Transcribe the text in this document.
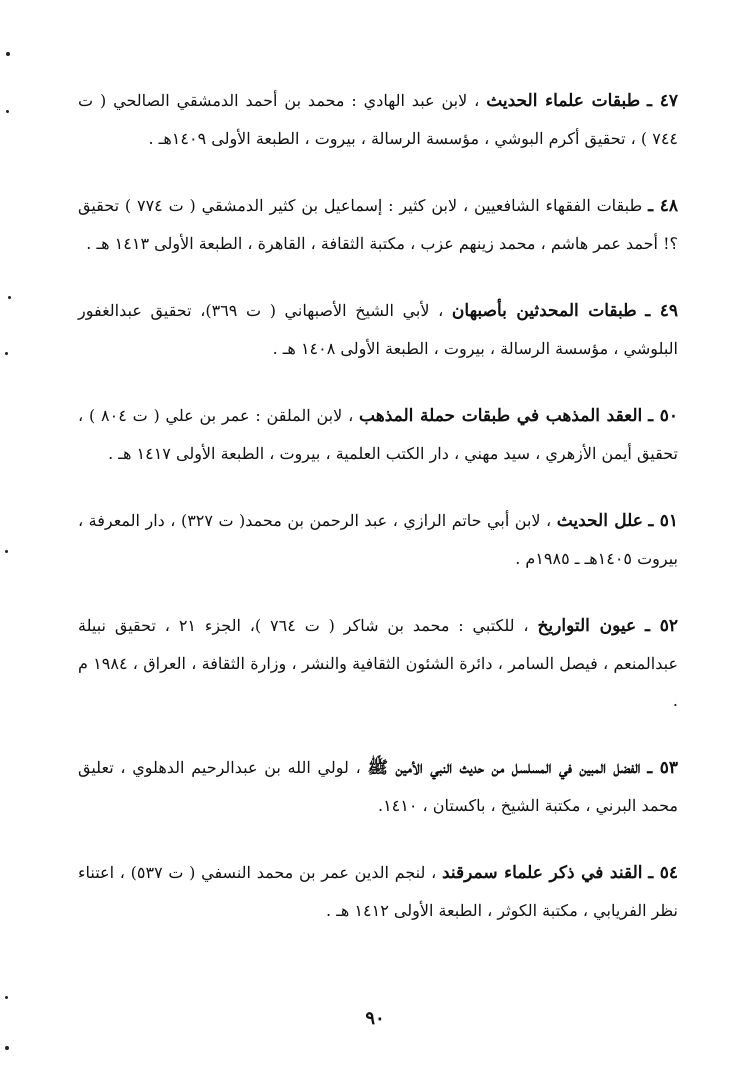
٤٧ ـ طبقات علماء الحديث ، لابن عبد الهادي : محمد بن أحمد الدمشقي الصالحي ( ت ٧٤٤ ) ، تحقيق أكرم البوشي ، مؤسسة الرسالة ، بيروت ، الطبعة الأولى ١٤٠٩هـ .

٤٨ ـ طبقات الفقهاء الشافعيين ، لابن كثير : إسماعيل بن كثير الدمشقي ( ت ٧٧٤ ) تحقيق ؟! أحمد عمر هاشم ، محمد زينهم عزب ، مكتبة الثقافة ، القاهرة ، الطبعة الأولى ١٤١٣ هـ .

٤٩ ـ طبقات المحدثين بأصبهان ، لأبي الشيخ الأصبهاني ( ت ٣٦٩)، تحقيق عبدالغفور البلوشي ، مؤسسة الرسالة ، بيروت ، الطبعة الأولى ١٤٠٨ هـ .

٥٠ ـ العقد المذهب في طبقات حملة المذهب ، لابن الملقن : عمر بن علي ( ت ٨٠٤ ) ، تحقيق أيمن الأزهري ، سيد مهني ، دار الكتب العلمية ، بيروت ، الطبعة الأولى ١٤١٧ هـ .

٥١ ـ علل الحديث ، لابن أبي حاتم الرازي ، عبد الرحمن بن محمد( ت ٣٢٧) ، دار المعرفة ، بيروت ١٤٠٥هـ ـ ١٩٨٥م .

٥٢ ـ عيون التواريخ ، للكتبي : محمد بن شاكر ( ت ٧٦٤ )، الجزء ٢١ ، تحقيق نبيلة عبدالمنعم ، فيصل السامر ، دائرة الشئون الثقافية والنشر ، وزارة الثقافة ، العراق ، ١٩٨٤ م .

٥٣ ـ الفضل المبين في المسلسل من حديث النبي الأمين ﷺ ، لولي الله بن عبدالرحيم الدهلوي ، تعليق محمد البرني ، مكتبة الشيخ ، باكستان ، ١٤١٠.

٥٤ ـ القند في ذكر علماء سمرقند ، لنجم الدين عمر بن محمد النسفي ( ت ٥٣٧) ، اعتناء نظر الفريابي ، مكتبة الكوثر ، الطبعة الأولى ١٤١٢ هـ .

٩٠
